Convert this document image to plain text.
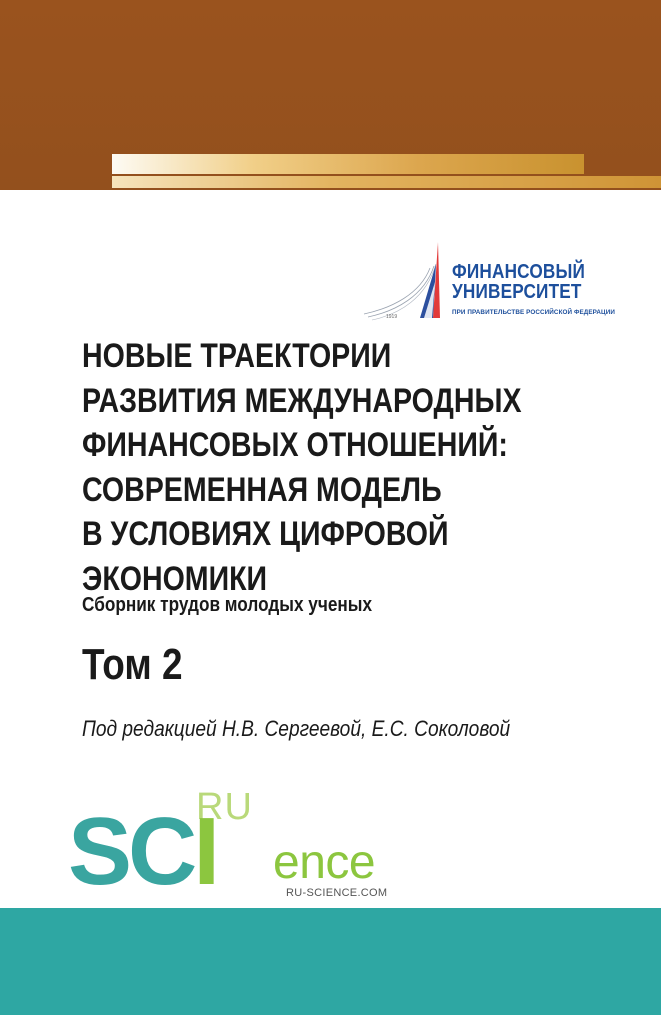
1919
ФИНАНСОВЫЙ
УНИВЕРСИТЕТ
ПРИ ПРАВИТЕЛЬСТВЕ РОССИЙСКОЙ ФЕДЕРАЦИИ
НОВЫЕ ТРАЕКТОРИИ
РАЗВИТИЯ МЕЖДУНАРОДНЫХ
ФИНАНСОВЫХ ОТНОШЕНИЙ:
СОВРЕМЕННАЯ МОДЕЛЬ
В УСЛОВИЯХ ЦИФРОВОЙ ЭКОНОМИКИ
Сборник трудов молодых ученых
Том 2
Под редакцией Н.В. Сергеевой, Е.С. Соколовой
RU
SCI ence
RU-SCIENCE.COM
